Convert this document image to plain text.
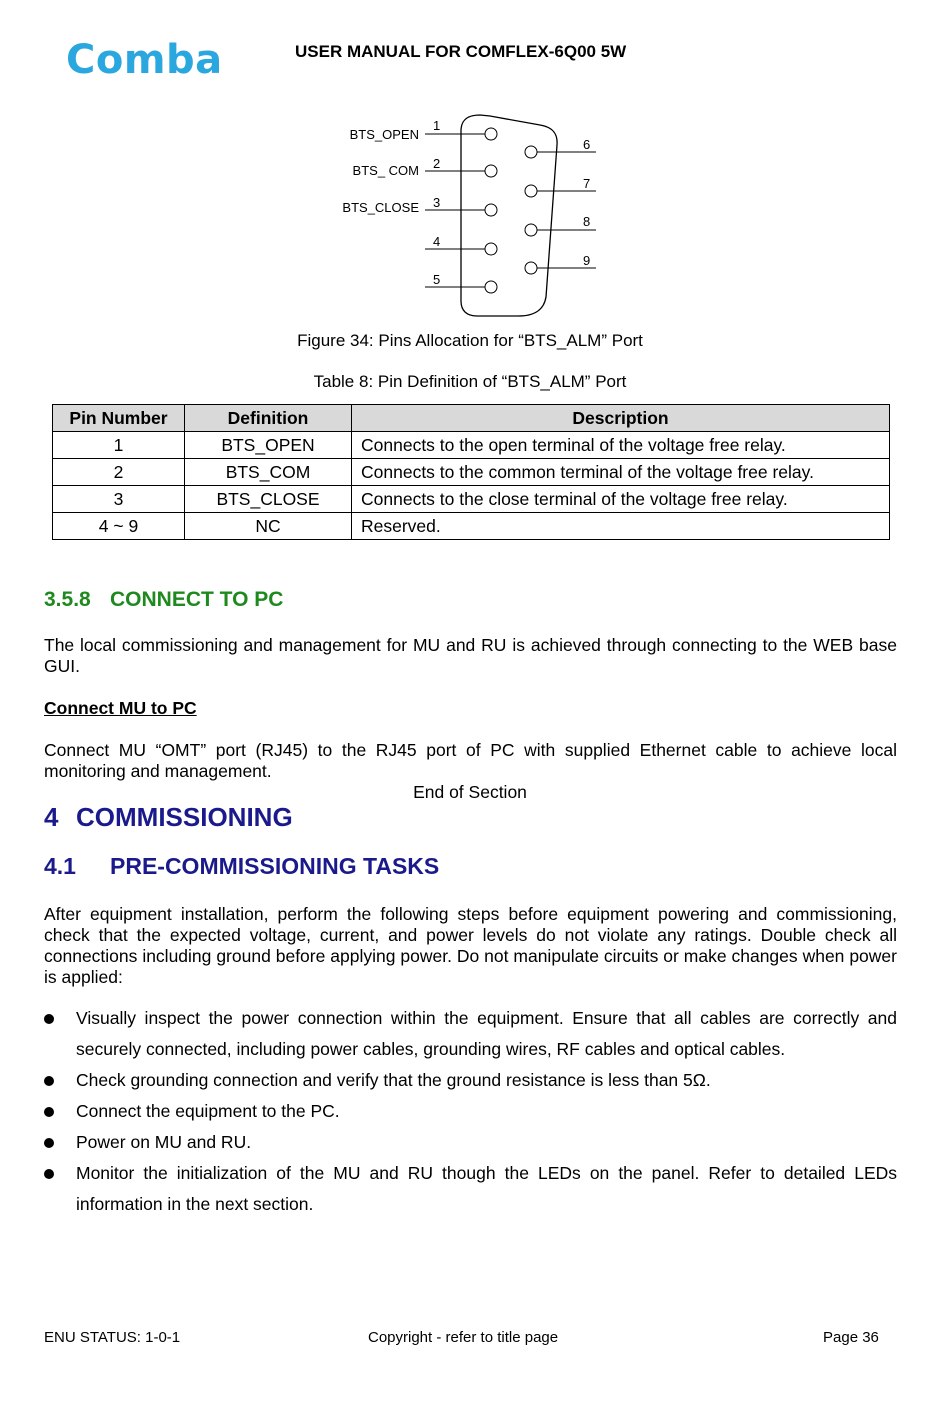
Comba	USER MANUAL FOR COMFLEX-6Q00 5W
1
2
3
4
5
6
7
8
9
BTS_OPEN
BTS_ COM
BTS_CLOSE
Figure 34: Pins Allocation for “BTS_ALM” Port
Table 8: Pin Definition of “BTS_ALM” Port
Pin Number	Definition	Description
1	BTS_OPEN	Connects to the open terminal of the voltage free relay.
2	BTS_COM	Connects to the common terminal of the voltage free relay.
3	BTS_CLOSE	Connects to the close terminal of the voltage free relay.
4 ~ 9	NC	Reserved.
3.5.8 CONNECT TO PC
The local commissioning and management for MU and RU is achieved through connecting to the WEB base GUI.
Connect MU to PC
Connect MU “OMT” port (RJ45) to the RJ45 port of PC with supplied Ethernet cable to achieve local monitoring and management.
End of Section
4 COMMISSIONING
4.1 PRE-COMMISSIONING TASKS
After equipment installation, perform the following steps before equipment powering and commissioning, check that the expected voltage, current, and power levels do not violate any ratings. Double check all connections including ground before applying power. Do not manipulate circuits or make changes when power is applied:
Visually inspect the power connection within the equipment. Ensure that all cables are correctly and securely connected, including power cables, grounding wires, RF cables and optical cables.
Check grounding connection and verify that the ground resistance is less than 5Ω.
Connect the equipment to the PC.
Power on MU and RU.
Monitor the initialization of the MU and RU though the LEDs on the panel. Refer to detailed LEDs information in the next section.
ENU STATUS: 1-0-1	Copyright - refer to title page	Page 36
